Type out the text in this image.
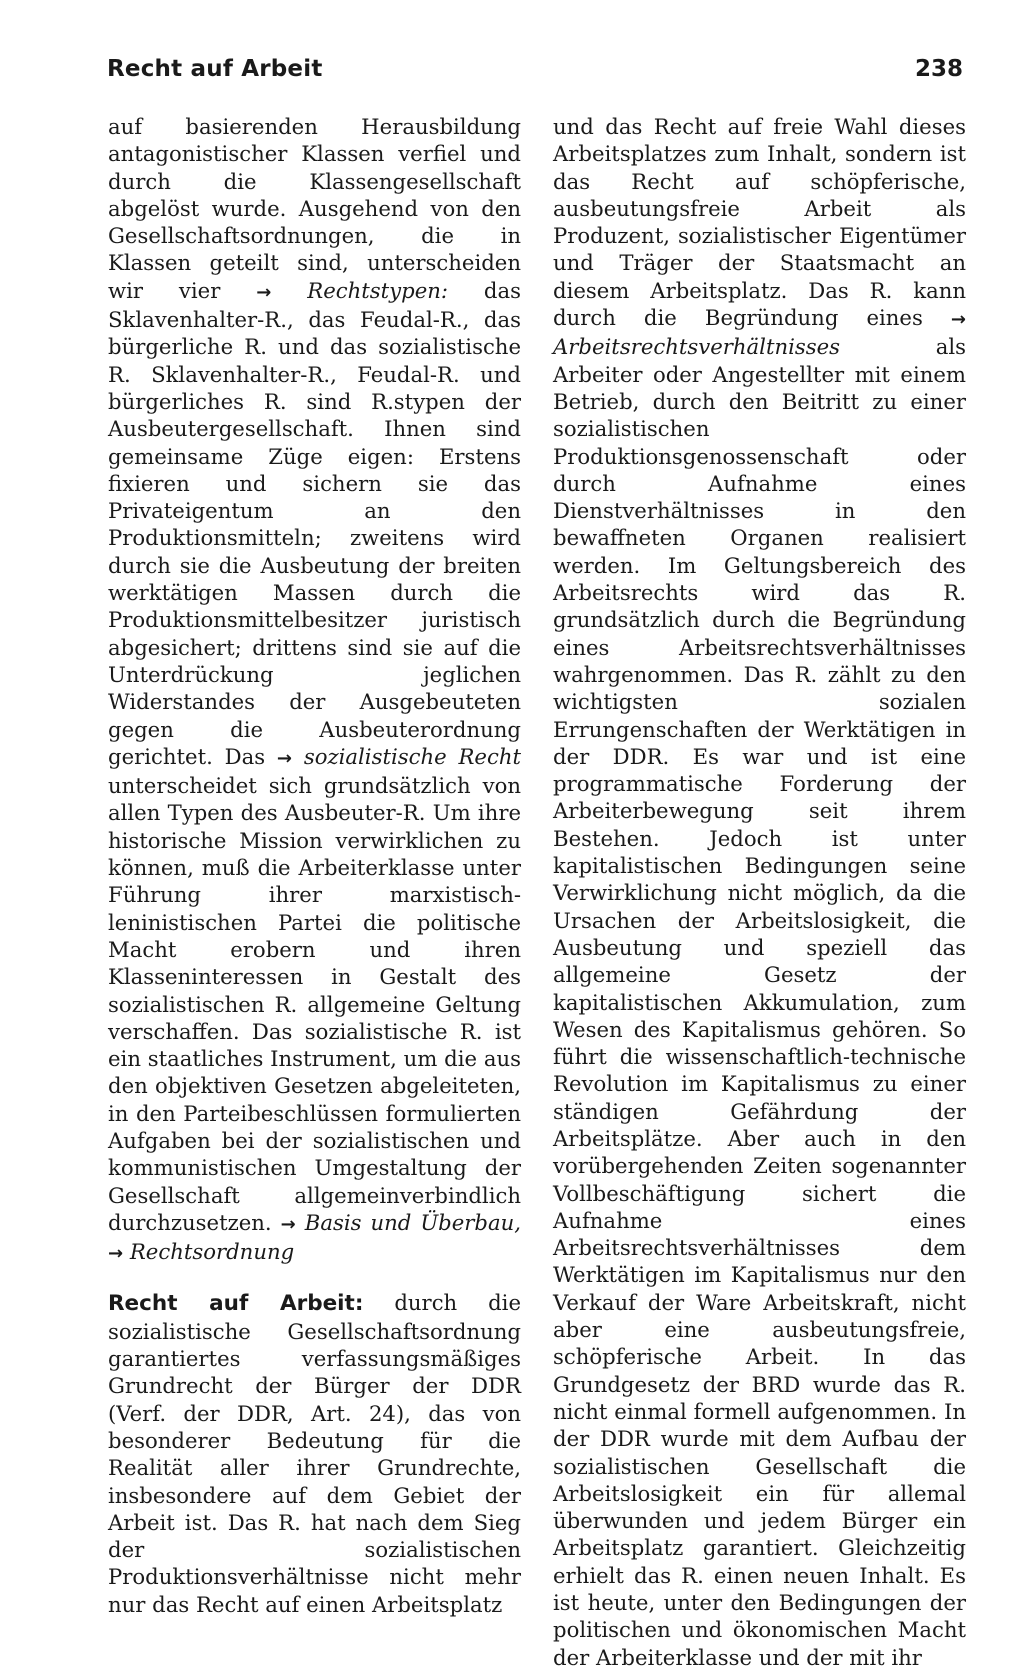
Recht auf Arbeit	238

auf basierenden Herausbildung antagonistischer Klassen verfiel und durch die Klassengesellschaft abgelöst wurde. Ausgehend von den Gesellschaftsordnungen, die in Klassen geteilt sind, unterscheiden wir vier → Rechtstypen: das Sklavenhalter-R., das Feudal-R., das bürgerliche R. und das sozialistische R. Sklavenhalter-R., Feudal-R. und bürgerliches R. sind R.stypen der Ausbeutergesellschaft. Ihnen sind gemeinsame Züge eigen: Erstens fixieren und sichern sie das Privateigentum an den Produktionsmitteln; zweitens wird durch sie die Ausbeutung der breiten werktätigen Massen durch die Produktionsmittelbesitzer juristisch abgesichert; drittens sind sie auf die Unterdrückung jeglichen Widerstandes der Ausgebeuteten gegen die Ausbeuterordnung gerichtet. Das → sozialistische Recht unterscheidet sich grundsätzlich von allen Typen des Ausbeuter-R. Um ihre historische Mission verwirklichen zu können, muß die Arbeiterklasse unter Führung ihrer marxistisch-leninistischen Partei die politische Macht erobern und ihren Klasseninteressen in Gestalt des sozialistischen R. allgemeine Geltung verschaffen. Das sozialistische R. ist ein staatliches Instrument, um die aus den objektiven Gesetzen abgeleiteten, in den Parteibeschlüssen formulierten Aufgaben bei der sozialistischen und kommunistischen Umgestaltung der Gesellschaft allgemeinverbindlich durchzusetzen. → Basis und Überbau, → Rechtsordnung

Recht auf Arbeit: durch die sozialistische Gesellschaftsordnung garantiertes verfassungsmäßiges Grundrecht der Bürger der DDR (Verf. der DDR, Art. 24), das von besonderer Bedeutung für die Realität aller ihrer Grundrechte, insbesondere auf dem Gebiet der Arbeit ist. Das R. hat nach dem Sieg der sozialistischen Produktionsverhältnisse nicht mehr nur das Recht auf einen Arbeitsplatz

und das Recht auf freie Wahl dieses Arbeitsplatzes zum Inhalt, sondern ist das Recht auf schöpferische, ausbeutungsfreie Arbeit als Produzent, sozialistischer Eigentümer und Träger der Staatsmacht an diesem Arbeitsplatz. Das R. kann durch die Begründung eines → Arbeitsrechtsverhältnisses als Arbeiter oder Angestellter mit einem Betrieb, durch den Beitritt zu einer sozialistischen Produktionsgenossenschaft oder durch Aufnahme eines Dienstverhältnisses in den bewaffneten Organen realisiert werden. Im Geltungsbereich des Arbeitsrechts wird das R. grundsätzlich durch die Begründung eines Arbeitsrechtsverhältnisses wahrgenommen. Das R. zählt zu den wichtigsten sozialen Errungenschaften der Werktätigen in der DDR. Es war und ist eine programmatische Forderung der Arbeiterbewegung seit ihrem Bestehen. Jedoch ist unter kapitalistischen Bedingungen seine Verwirklichung nicht möglich, da die Ursachen der Arbeitslosigkeit, die Ausbeutung und speziell das allgemeine Gesetz der kapitalistischen Akkumulation, zum Wesen des Kapitalismus gehören. So führt die wissenschaftlich-technische Revolution im Kapitalismus zu einer ständigen Gefährdung der Arbeitsplätze. Aber auch in den vorübergehenden Zeiten sogenannter Vollbeschäftigung sichert die Aufnahme eines Arbeitsrechtsverhältnisses dem Werktätigen im Kapitalismus nur den Verkauf der Ware Arbeitskraft, nicht aber eine ausbeutungsfreie, schöpferische Arbeit. In das Grundgesetz der BRD wurde das R. nicht einmal formell aufgenommen. In der DDR wurde mit dem Aufbau der sozialistischen Gesellschaft die Arbeitslosigkeit ein für allemal überwunden und jedem Bürger ein Arbeitsplatz garantiert. Gleichzeitig erhielt das R. einen neuen Inhalt. Es ist heute, unter den Bedingungen der politischen und ökonomischen Macht der Arbeiterklasse und der mit ihr
